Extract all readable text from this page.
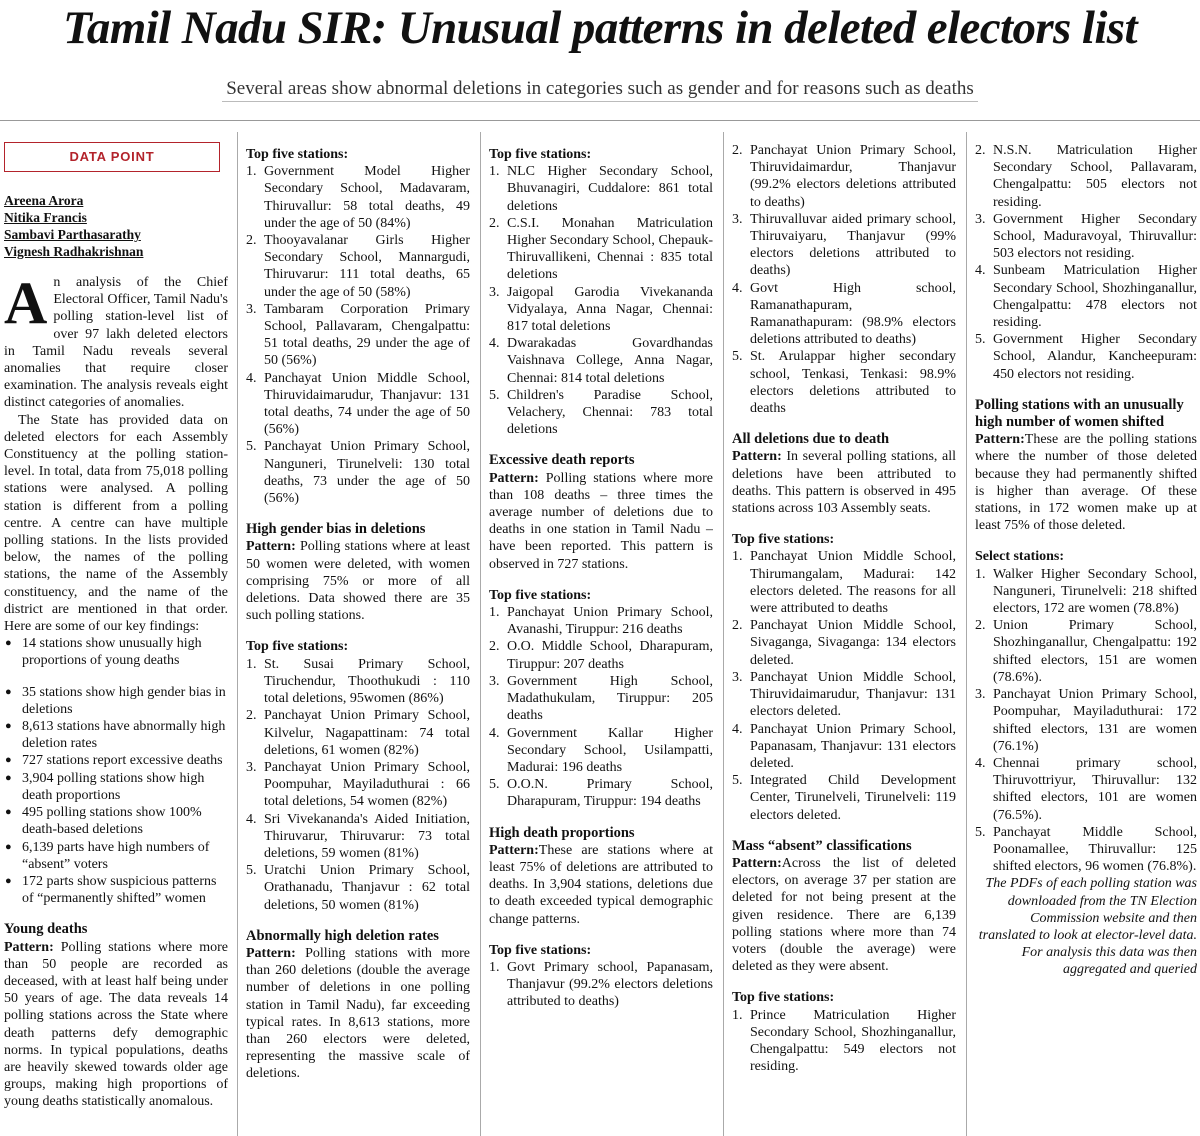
Tamil Nadu SIR: Unusual patterns in deleted electors list
Several areas show abnormal deletions in categories such as gender and for reasons such as deaths
DATA POINT
Areena Arora
Nitika Francis
Sambavi Parthasarathy
Vignesh Radhakrishnan

An analysis of the Chief Electoral Officer, Tamil Nadu's polling station-level list of over 97 lakh deleted electors in Tamil Nadu reveals several anomalies that require closer examination. The analysis reveals eight distinct categories of anomalies.

The State has provided data on deleted electors for each Assembly Constituency at the polling station-level. In total, data from 75,018 polling stations were analysed. A polling station is different from a polling centre. A centre can have multiple polling stations. In the lists provided below, the names of the polling stations, the name of the Assembly constituency, and the name of the district are mentioned in that order. Here are some of our key findings:

● 14 stations show unusually high proportions of young deaths
● 35 stations show high gender bias in deletions
● 8,613 stations have abnormally high deletion rates
● 727 stations report excessive deaths
● 3,904 polling stations show high death proportions
● 495 polling stations show 100% death-based deletions
● 6,139 parts have high numbers of “absent” voters
● 172 parts show suspicious patterns of “permanently shifted” women
Young deaths

Pattern: Polling stations where more than 50 people are recorded as deceased, with at least half being under 50 years of age. The data reveals 14 polling stations across the State where death patterns defy demographic norms. In typical populations, deaths are heavily skewed towards older age groups, making high proportions of young deaths statistically anomalous.

Top five stations:
1. Government Model Higher Secondary School, Madavaram, Thiruvallur: 58 total deaths, 49 under the age of 50 (84%)
2. Thooyavalanar Girls Higher Secondary School, Mannargudi, Thiruvarur: 111 total deaths, 65 under the age of 50 (58%)
3. Tambaram Corporation Primary School, Pallavaram, Chengalpattu: 51 total deaths, 29 under the age of 50 (56%)
4. Panchayat Union Middle School, Thiruvidaimarudur, Thanjavur: 131 total deaths, 74 under the age of 50 (56%)
5. Panchayat Union Primary School, Nanguneri, Tirunelveli: 130 total deaths, 73 under the age of 50 (56%)
High gender bias in deletions

Pattern: Polling stations where at least 50 women were deleted, with women comprising 75% or more of all deletions. Data showed there are 35 such polling stations.

Top five stations:
1. St. Susai Primary School, Tiruchendur, Thoothukudi : 110 total deletions, 95women (86%)
2. Panchayat Union Primary School, Kilvelur, Nagapattinam: 74 total deletions, 61 women (82%)
3. Panchayat Union Primary School, Poompuhar, Mayiladuthurai : 66 total deletions, 54 women (82%)
4. Sri Vivekananda's Aided Initiation, Thiruvarur, Thiruvarur: 73 total deletions, 59 women (81%)
5. Uratchi Union Primary School, Orathanadu, Thanjavur : 62 total deletions, 50 women (81%)
Abnormally high deletion rates

Pattern: Polling stations with more than 260 deletions (double the average number of deletions in one polling station in Tamil Nadu), far exceeding typical rates. In 8,613 stations, more than 260 electors were deleted, representing the massive scale of deletions.

Top five stations:
1. NLC Higher Secondary School, Bhuvanagiri, Cuddalore: 861 total deletions
2. C.S.I. Monahan Matriculation Higher Secondary School, Chepauk-Thiruvallikeni, Chennai : 835 total deletions
3. Jaigopal Garodia Vivekananda Vidyalaya, Anna Nagar, Chennai: 817 total deletions
4. Dwarakadas Govardhandas Vaishnava College, Anna Nagar, Chennai: 814 total deletions
5. Children's Paradise School, Velachery, Chennai: 783 total deletions
Excessive death reports

Pattern: Polling stations where more than 108 deaths – three times the average number of deletions due to deaths in one station in Tamil Nadu – have been reported. This pattern is observed in 727 stations.

Top five stations:
1. Panchayat Union Primary School, Avanashi, Tiruppur: 216 deaths
2. O.O. Middle School, Dharapuram, Tiruppur: 207 deaths
3. Government High School, Madathukulam, Tiruppur: 205 deaths
4. Government Kallar Higher Secondary School, Usilampatti, Madurai: 196 deaths
5. O.O.N. Primary School, Dharapuram, Tiruppur: 194 deaths
High death proportions

Pattern:These are stations where at least 75% of deletions are attributed to deaths. In 3,904 stations, deletions due to death exceeded typical demographic change patterns.

Top five stations:
1. Govt Primary school, Papanasam, Thanjavur (99.2% electors deletions attributed to deaths)
2. Panchayat Union Primary School, Thiruvidaimardur, Thanjavur (99.2% electors deletions attributed to deaths)
3. Thiruvalluvar aided primary school, Thiruvaiyaru, Thanjavur (99% electors deletions attributed to deaths)
4. Govt High school, Ramanathapuram, Ramanathapuram: (98.9% electors deletions attributed to deaths)
5. St. Arulappar higher secondary school, Tenkasi, Tenkasi: 98.9% electors deletions attributed to deaths
All deletions due to death

Pattern: In several polling stations, all deletions have been attributed to deaths. This pattern is observed in 495 stations across 103 Assembly seats.

Top five stations:
1. Panchayat Union Middle School, Thirumangalam, Madurai: 142 electors deleted. The reasons for all were attributed to deaths
2. Panchayat Union Middle School, Sivaganga, Sivaganga: 134 electors deleted.
3. Panchayat Union Middle School, Thiruvidaimarudur, Thanjavur: 131 electors deleted.
4. Panchayat Union Primary School, Papanasam, Thanjavur: 131 electors deleted.
5. Integrated Child Development Center, Tirunelveli, Tirunelveli: 119 electors deleted.
Mass “absent” classifications

Pattern:Across the list of deleted electors, on average 37 per station are deleted for not being present at the given residence. There are 6,139 polling stations where more than 74 voters (double the average) were deleted as they were absent.

Top five stations:
1. Prince Matriculation Higher Secondary School, Shozhinganallur, Chengalpattu: 549 electors not residing.
2. N.S.N. Matriculation Higher Secondary School, Pallavaram, Chengalpattu: 505 electors not residing.
3. Government Higher Secondary School, Maduravoyal, Thiruvallur: 503 electors not residing.
4. Sunbeam Matriculation Higher Secondary School, Shozhinganallur, Chengalpattu: 478 electors not residing.
5. Government Higher Secondary School, Alandur, Kancheepuram: 450 electors not residing.
Polling stations with an unusually high number of women shifted

Pattern:These are the polling stations where the number of those deleted because they had permanently shifted is higher than average. Of these stations, in 172 women make up at least 75% of those deleted.

Select stations:
1. Walker Higher Secondary School, Nanguneri, Tirunelveli: 218 shifted electors, 172 are women (78.8%)
2. Union Primary School, Shozhinganallur, Chengalpattu: 192 shifted electors, 151 are women (78.6%).
3. Panchayat Union Primary School, Poompuhar, Mayiladuthurai: 172 shifted electors, 131 are women (76.1%)
4. Chennai primary school, Thiruvottriyur, Thiruvallur: 132 shifted electors, 101 are women (76.5%).
5. Panchayat Middle School, Poonamallee, Thiruvallur: 125 shifted electors, 96 women (76.8%).

The PDFs of each polling station was downloaded from the TN Election Commission website and then translated to look at elector-level data.

For analysis this data was then aggregated and queried
